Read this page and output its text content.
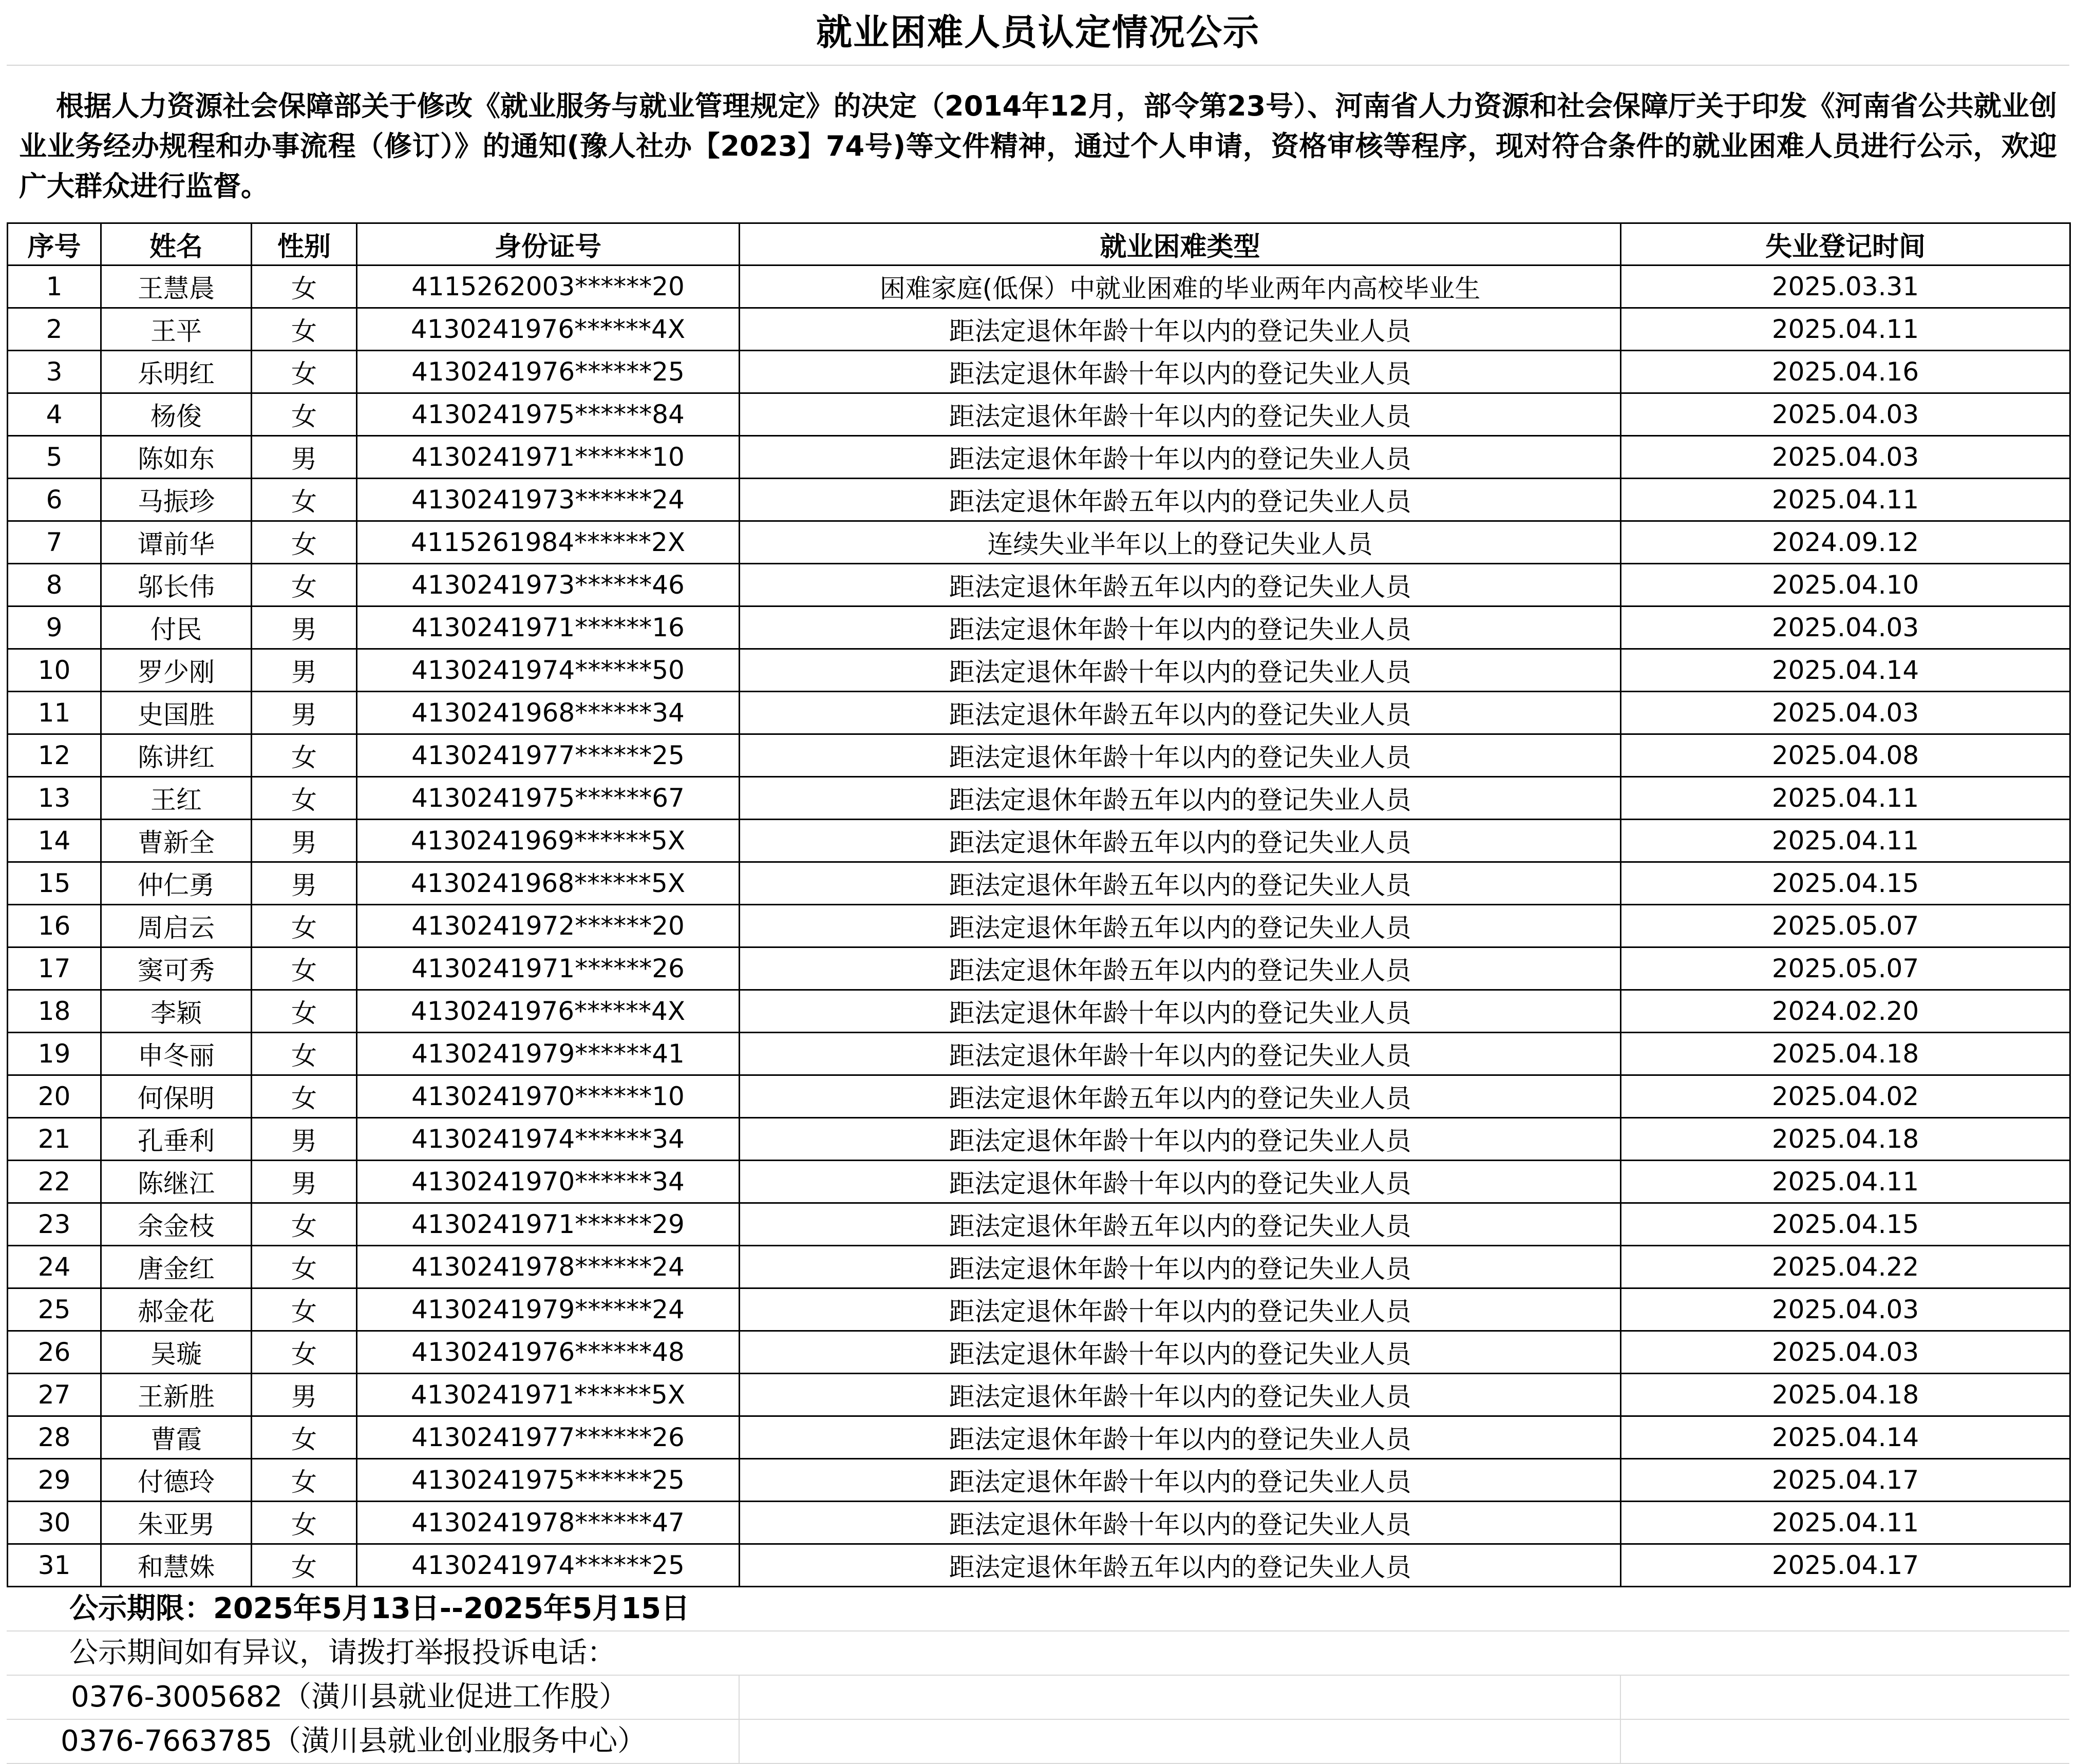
就业困难人员认定情况公示
根据人力资源社会保障部关于修改《就业服务与就业管理规定》的决定（2014年12月，部令第23号）、河南省人力资源和社会保障厅关于印发《河南省公共就业创业业务经办规程和办事流程（修订）》的通知(豫人社办【2023】74号)等文件精神，通过个人申请，资格审核等程序，现对符合条件的就业困难人员进行公示，欢迎广大群众进行监督。
序号	姓名	性别	身份证号	就业困难类型	失业登记时间
1	王慧晨	女	4115262003******20	困难家庭(低保）中就业困难的毕业两年内高校毕业生	2025.03.31
2	王平	女	4130241976******4X	距法定退休年龄十年以内的登记失业人员	2025.04.11
3	乐明红	女	4130241976******25	距法定退休年龄十年以内的登记失业人员	2025.04.16
4	杨俊	女	4130241975******84	距法定退休年龄十年以内的登记失业人员	2025.04.03
5	陈如东	男	4130241971******10	距法定退休年龄十年以内的登记失业人员	2025.04.03
6	马振珍	女	4130241973******24	距法定退休年龄五年以内的登记失业人员	2025.04.11
7	谭前华	女	4115261984******2X	连续失业半年以上的登记失业人员	2024.09.12
8	邬长伟	女	4130241973******46	距法定退休年龄五年以内的登记失业人员	2025.04.10
9	付民	男	4130241971******16	距法定退休年龄十年以内的登记失业人员	2025.04.03
10	罗少刚	男	4130241974******50	距法定退休年龄十年以内的登记失业人员	2025.04.14
11	史国胜	男	4130241968******34	距法定退休年龄五年以内的登记失业人员	2025.04.03
12	陈讲红	女	4130241977******25	距法定退休年龄十年以内的登记失业人员	2025.04.08
13	王红	女	4130241975******67	距法定退休年龄五年以内的登记失业人员	2025.04.11
14	曹新全	男	4130241969******5X	距法定退休年龄五年以内的登记失业人员	2025.04.11
15	仲仁勇	男	4130241968******5X	距法定退休年龄五年以内的登记失业人员	2025.04.15
16	周启云	女	4130241972******20	距法定退休年龄五年以内的登记失业人员	2025.05.07
17	窦可秀	女	4130241971******26	距法定退休年龄五年以内的登记失业人员	2025.05.07
18	李颖	女	4130241976******4X	距法定退休年龄十年以内的登记失业人员	2024.02.20
19	申冬丽	女	4130241979******41	距法定退休年龄十年以内的登记失业人员	2025.04.18
20	何保明	女	4130241970******10	距法定退休年龄五年以内的登记失业人员	2025.04.02
21	孔垂利	男	4130241974******34	距法定退休年龄十年以内的登记失业人员	2025.04.18
22	陈继江	男	4130241970******34	距法定退休年龄十年以内的登记失业人员	2025.04.11
23	余金枝	女	4130241971******29	距法定退休年龄五年以内的登记失业人员	2025.04.15
24	唐金红	女	4130241978******24	距法定退休年龄十年以内的登记失业人员	2025.04.22
25	郝金花	女	4130241979******24	距法定退休年龄十年以内的登记失业人员	2025.04.03
26	吴璇	女	4130241976******48	距法定退休年龄十年以内的登记失业人员	2025.04.03
27	王新胜	男	4130241971******5X	距法定退休年龄十年以内的登记失业人员	2025.04.18
28	曹霞	女	4130241977******26	距法定退休年龄十年以内的登记失业人员	2025.04.14
29	付德玲	女	4130241975******25	距法定退休年龄十年以内的登记失业人员	2025.04.17
30	朱亚男	女	4130241978******47	距法定退休年龄十年以内的登记失业人员	2025.04.11
31	和慧姝	女	4130241974******25	距法定退休年龄五年以内的登记失业人员	2025.04.17
公示期限：2025年5月13日--2025年5月15日
公示期间如有异议，请拨打举报投诉电话：
0376-3005682（潢川县就业促进工作股）
0376-7663785（潢川县就业创业服务中心）
